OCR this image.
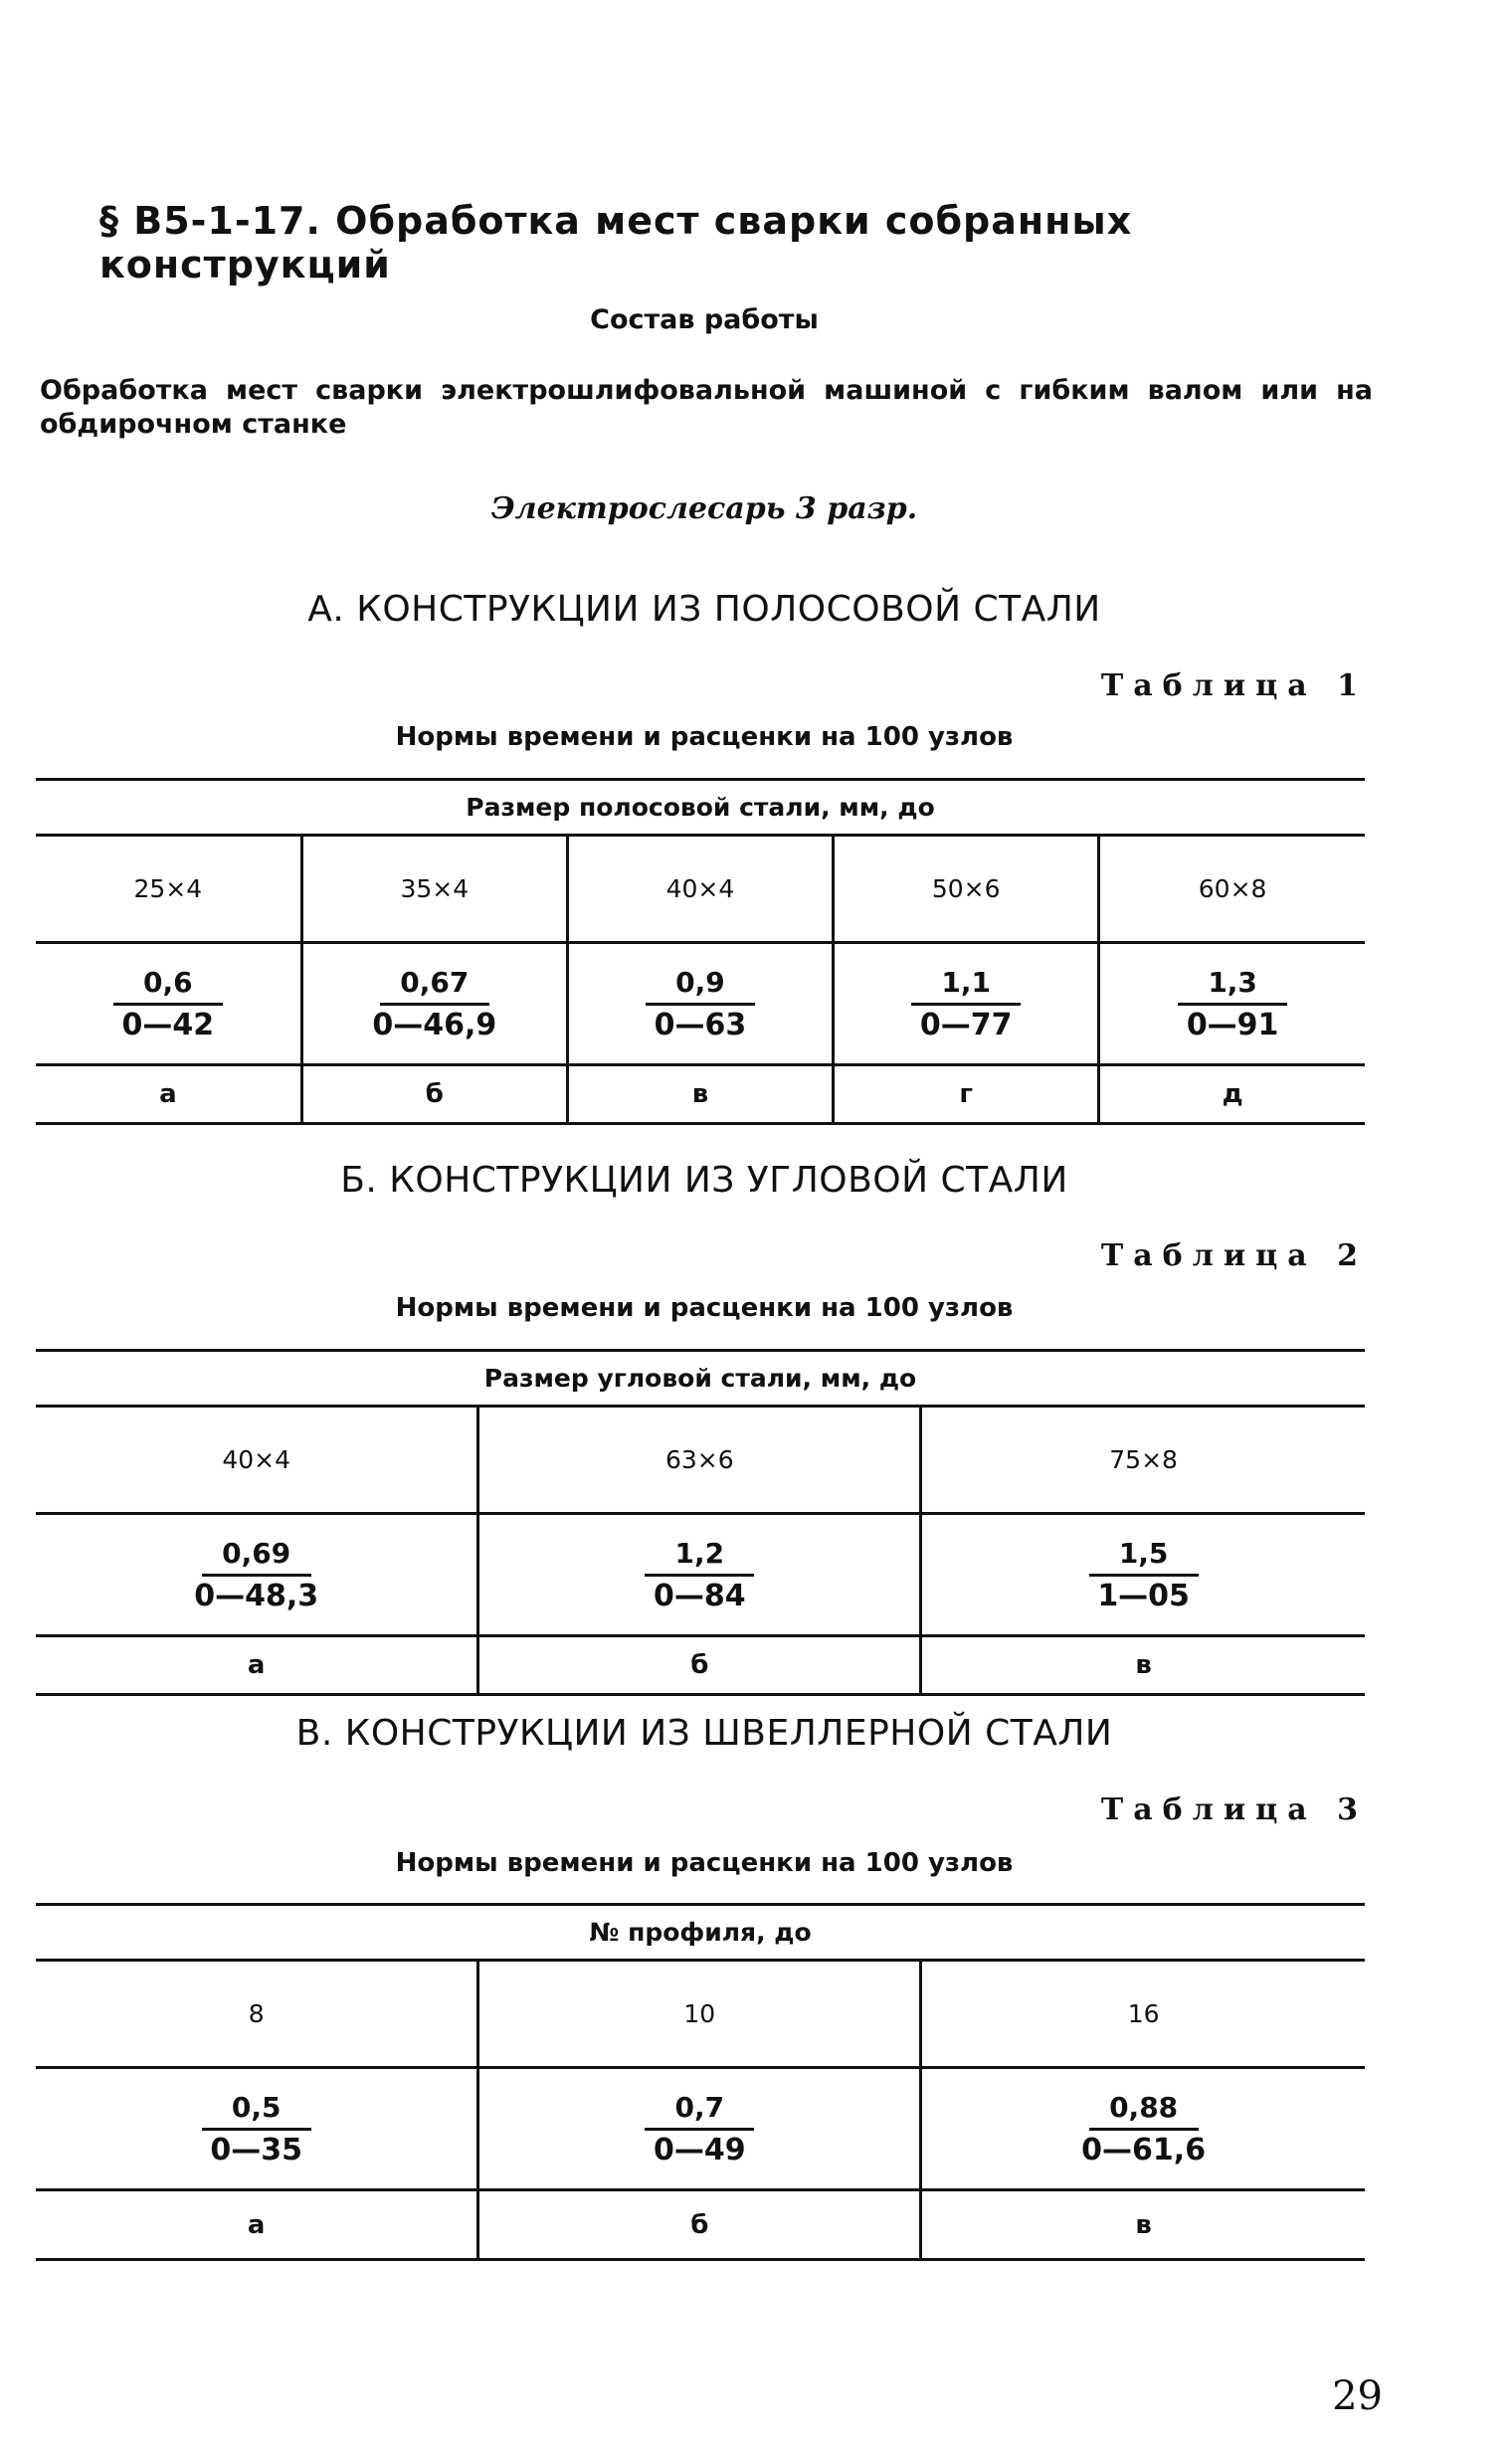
§ В5-1-17. Обработка мест сварки собранных конструкций
Состав работы
Обработка мест сварки электрошлифовальной машиной с гибким валом или на обдирочном станке
Электрослесарь 3 разр.
А. КОНСТРУКЦИИ ИЗ ПОЛОСОВОЙ СТАЛИ
Таблица 1
Нормы времени и расценки на 100 узлов
Размер полосовой стали, мм, до				
25×4	35×4	40×4	50×6	60×8

$\frac{0,6}{0—42}$	$\frac{0,67}{0—46,9}$	$\frac{0,9}{0—63}$	$\frac{1,1}{0—77}$	$\frac{1,3}{0—91}$

а	б	в	г	д
Б. КОНСТРУКЦИИ ИЗ УГЛОВОЙ СТАЛИ
Таблица 2
Нормы времени и расценки на 100 узлов
Размер угловой стали, мм, до		
40×4	63×6	75×8

$\frac{0,69}{0—48,3}$	$\frac{1,2}{0—84}$	$\frac{1,5}{1—05}$

а	б	в
В. КОНСТРУКЦИИ ИЗ ШВЕЛЛЕРНОЙ СТАЛИ
Таблица 3
Нормы времени и расценки на 100 узлов
№ профиля, до		
8	10	16

$\frac{0,5}{0—35}$	$\frac{0,7}{0—49}$	$\frac{0,88}{0—61,6}$

а	б	в
29
